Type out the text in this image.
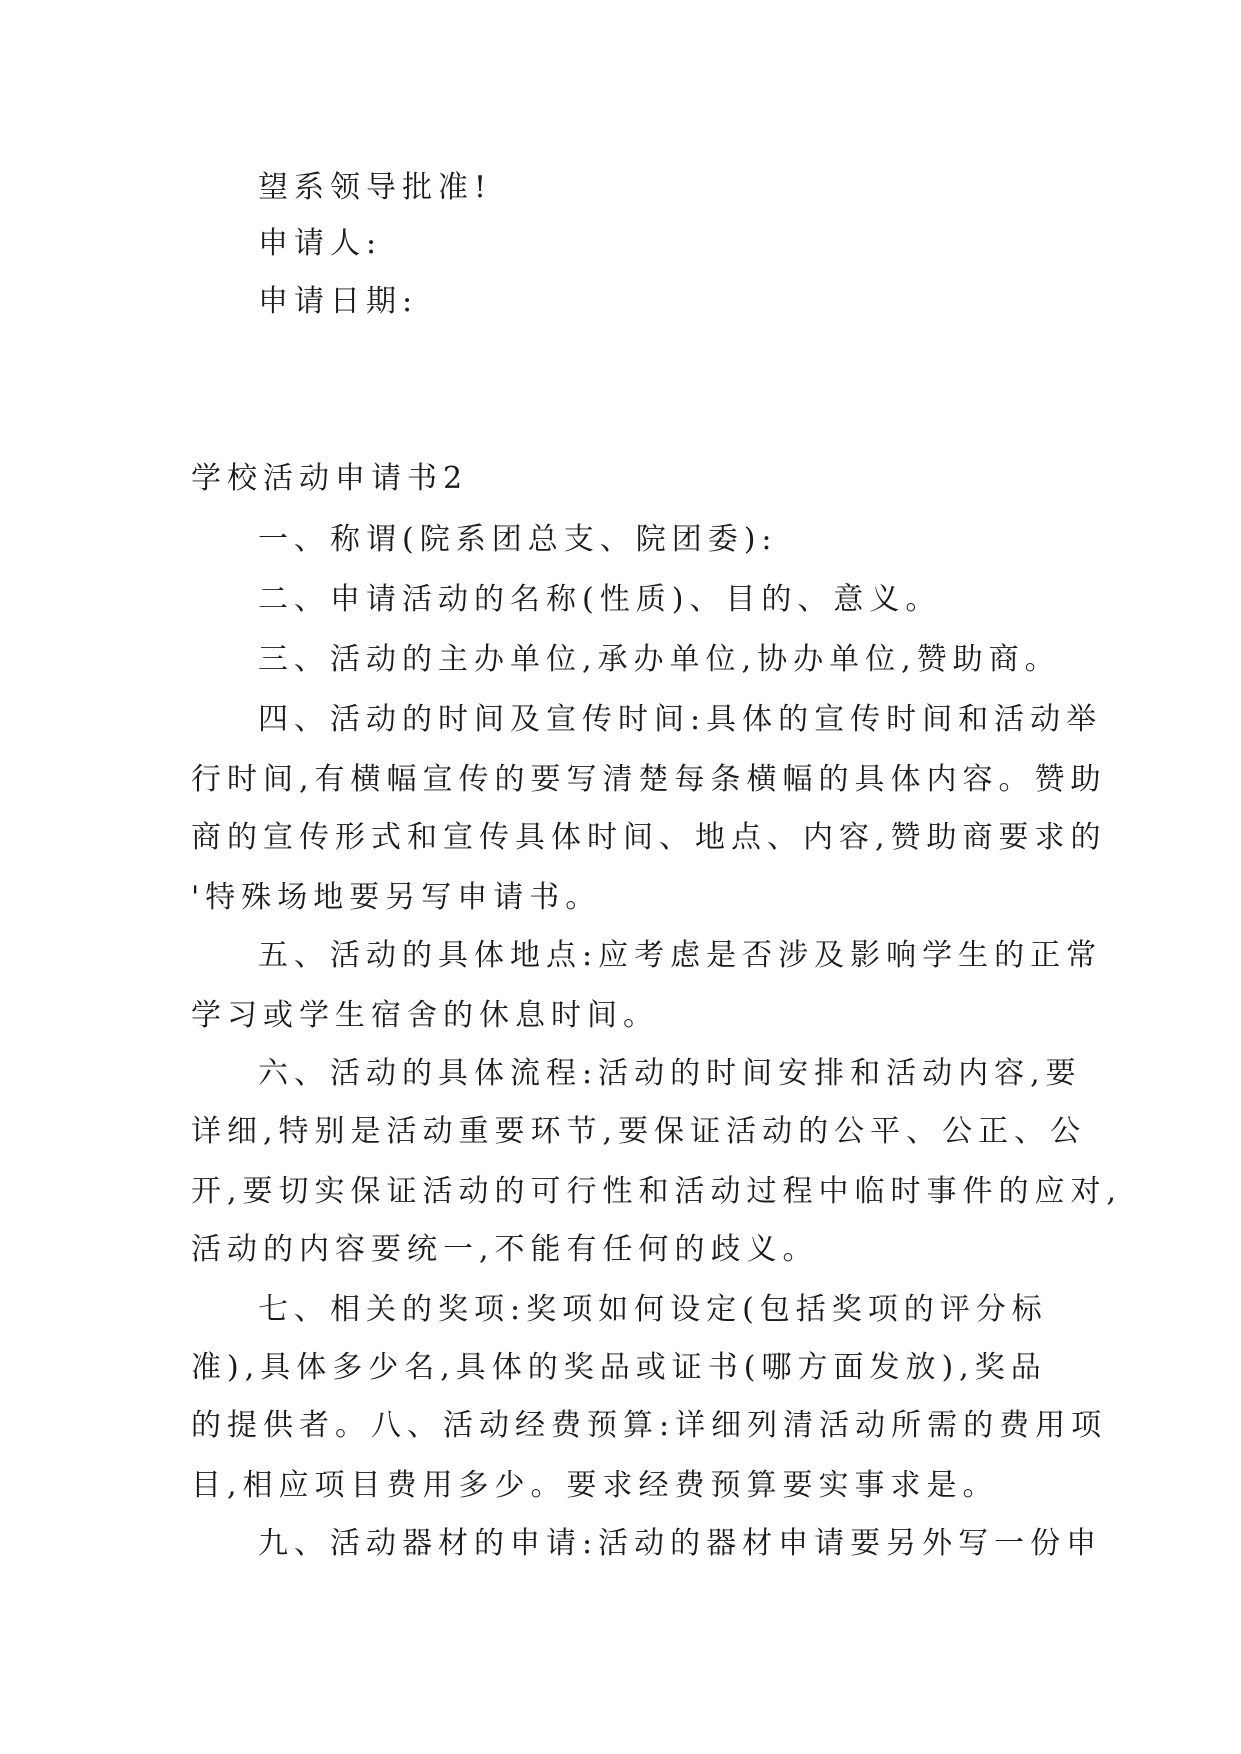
望系领导批准!
申请人:
申请日期:
学校活动申请书2
一、称谓(院系团总支、院团委):
二、申请活动的名称(性质)、目的、意义。
三、活动的主办单位,承办单位,协办单位,赞助商。
四、活动的时间及宣传时间:具体的宣传时间和活动举
行时间,有横幅宣传的要写清楚每条横幅的具体内容。赞助
商的宣传形式和宣传具体时间、地点、内容,赞助商要求的
'特殊场地要另写申请书。
五、活动的具体地点:应考虑是否涉及影响学生的正常
学习或学生宿舍的休息时间。
六、活动的具体流程:活动的时间安排和活动内容,要
详细,特别是活动重要环节,要保证活动的公平、公正、公
开,要切实保证活动的可行性和活动过程中临时事件的应对,
活动的内容要统一,不能有任何的歧义。
七、相关的奖项:奖项如何设定(包括奖项的评分标
准),具体多少名,具体的奖品或证书(哪方面发放),奖品
的提供者。八、活动经费预算:详细列清活动所需的费用项
目,相应项目费用多少。要求经费预算要实事求是。
九、活动器材的申请:活动的器材申请要另外写一份申
